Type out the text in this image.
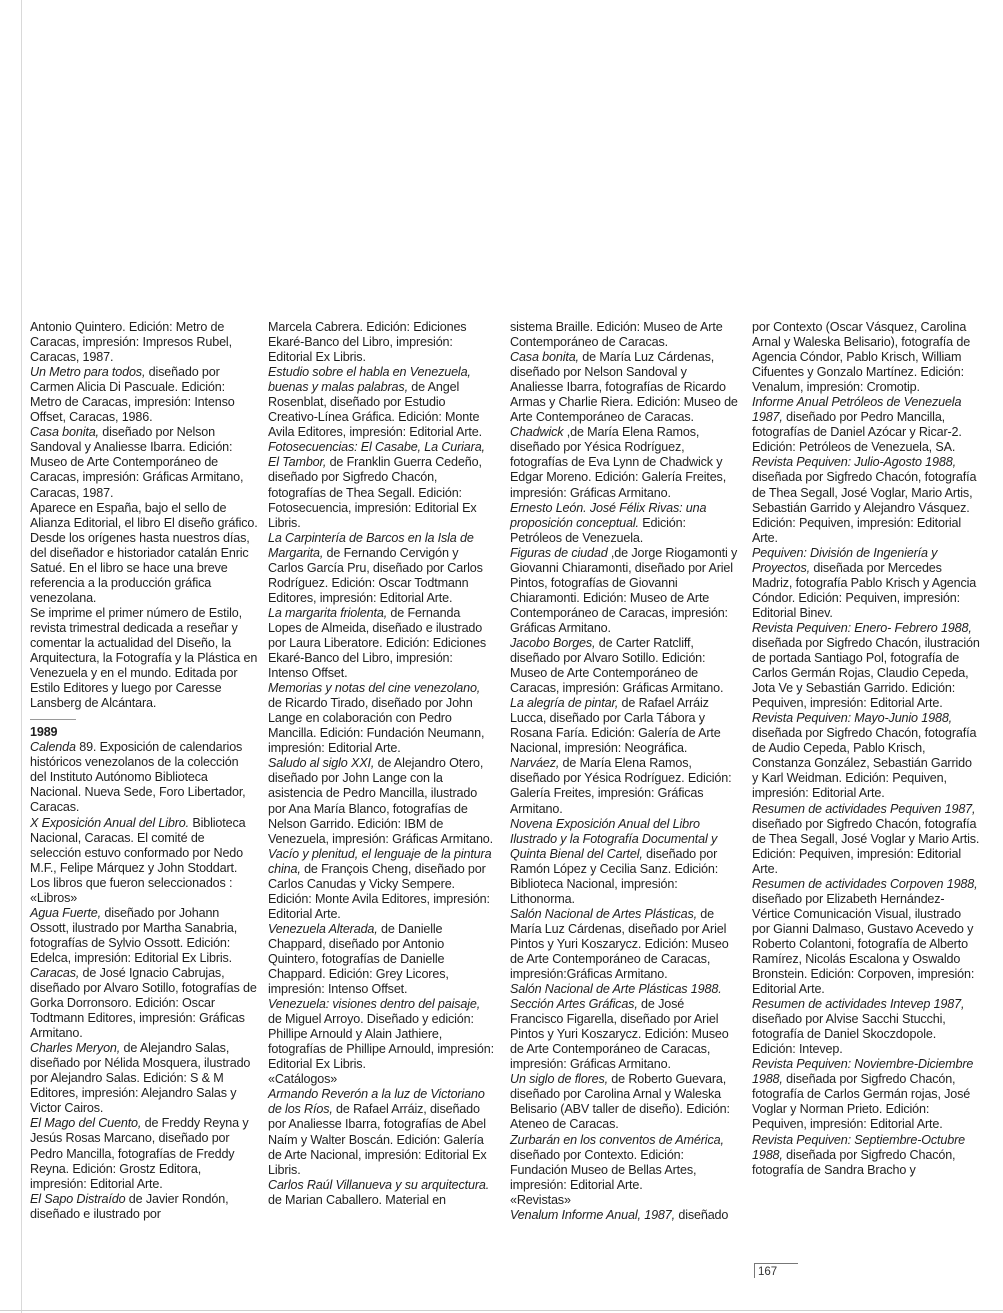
Antonio Quintero. Edición: Metro de Caracas, impresión: Impresos Rubel, Caracas, 1987.

Un Metro para todos, diseñado por Carmen Alicia Di Pascuale. Edición: Metro de Caracas, impresión: Intenso Offset, Caracas, 1986.

Casa bonita, diseñado por Nelson Sandoval y Analiesse Ibarra. Edición: Museo de Arte Contemporáneo de Caracas, impresión: Gráficas Armitano, Caracas, 1987.

Aparece en España, bajo el sello de Alianza Editorial, el libro El diseño gráfico. Desde los orígenes hasta nuestros días, del diseñador e historiador catalán Enric Satué. En el libro se hace una breve referencia a la producción gráfica venezolana.

Se imprime el primer número de Estilo, revista trimestral dedicada a reseñar y comentar la actualidad del Diseño, la Arquitectura, la Fotografía y la Plástica en Venezuela y en el mundo. Editada por Estilo Editores y luego por Caresse Lansberg de Alcántara.

1989

Calenda 89. Exposición de calendarios históricos venezolanos de la colección del Instituto Autónomo Biblioteca Nacional. Nueva Sede, Foro Libertador, Caracas.

X Exposición Anual del Libro. Biblioteca Nacional, Caracas. El comité de selección estuvo conformado por Nedo M.F., Felipe Márquez y John Stoddart. Los libros que fueron seleccionados :

«Libros»

Agua Fuerte, diseñado por Johann Ossott, ilustrado por Martha Sanabria, fotografías de Sylvio Ossott. Edición: Edelca, impresión: Editorial Ex Libris.

Caracas, de José Ignacio Cabrujas, diseñado por Alvaro Sotillo, fotografías de Gorka Dorronsoro. Edición: Oscar Todtmann Editores, impresión: Gráficas Armitano.

Charles Meryon, de Alejandro Salas, diseñado por Nélida Mosquera, ilustrado por Alejandro Salas. Edición: S & M Editores, impresión: Alejandro Salas y Victor Cairos.

El Mago del Cuento, de Freddy Reyna y Jesús Rosas Marcano, diseñado por Pedro Mancilla, fotografías de Freddy Reyna. Edición: Grostz Editora, impresión: Editorial Arte.

El Sapo Distraído de Javier Rondón, diseñado e ilustrado por

Marcela Cabrera. Edición: Ediciones Ekaré-Banco del Libro, impresión: Editorial Ex Libris.

Estudio sobre el habla en Venezuela, buenas y malas palabras, de Angel Rosenblat, diseñado por Estudio Creativo-Línea Gráfica. Edición: Monte Avila Editores, impresión: Editorial Arte.

Fotosecuencias: El Casabe, La Curiara, El Tambor, de Franklin Guerra Cedeño, diseñado por Sigfredo Chacón, fotografías de Thea Segall. Edición: Fotosecuencia, impresión: Editorial Ex Libris.

La Carpintería de Barcos en la Isla de Margarita, de Fernando Cervigón y Carlos García Pru, diseñado por Carlos Rodríguez. Edición: Oscar Todtmann Editores, impresión: Editorial Arte.

La margarita friolenta, de Fernanda Lopes de Almeida, diseñado e ilustrado por Laura Liberatore. Edición: Ediciones Ekaré-Banco del Libro, impresión: Intenso Offset.

Memorias y notas del cine venezolano, de Ricardo Tirado, diseñado por John Lange en colaboración con Pedro Mancilla. Edición: Fundación Neumann, impresión: Editorial Arte.

Saludo al siglo XXI, de Alejandro Otero, diseñado por John Lange con la asistencia de Pedro Mancilla, ilustrado por Ana María Blanco, fotografías de Nelson Garrido. Edición: IBM de Venezuela, impresión: Gráficas Armitano.

Vacío y plenitud, el lenguaje de la pintura china, de François Cheng, diseñado por Carlos Canudas y Vicky Sempere. Edición: Monte Avila Editores, impresión: Editorial Arte.

Venezuela Alterada, de Danielle Chappard, diseñado por Antonio Quintero, fotografías de Danielle Chappard. Edición: Grey Licores, impresión: Intenso Offset.

Venezuela: visiones dentro del paisaje, de Miguel Arroyo. Diseñado y edición: Phillipe Arnould y Alain Jathiere, fotografías de Phillipe Arnould, impresión: Editorial Ex Libris.

«Catálogos»

Armando Reverón a la luz de Victoriano de los Ríos, de Rafael Arráiz, diseñado por Analiesse Ibarra, fotografías de Abel Naím y Walter Boscán. Edición: Galería de Arte Nacional, impresión: Editorial Ex Libris.

Carlos Raúl Villanueva y su arquitectura. de Marian Caballero. Material en

sistema Braille. Edición: Museo de Arte Contemporáneo de Caracas.

Casa bonita, de María Luz Cárdenas, diseñado por Nelson Sandoval y Analiesse Ibarra, fotografías de Ricardo Armas y Charlie Riera. Edición: Museo de Arte Contemporáneo de Caracas.

Chadwick ,de María Elena Ramos, diseñado por Yésica Rodríguez, fotografías de Eva Lynn de Chadwick y Edgar Moreno. Edición: Galería Freites, impresión: Gráficas Armitano.

Ernesto León. José Félix Rivas: una proposición conceptual. Edición: Petróleos de Venezuela.

Figuras de ciudad ,de Jorge Riogamonti y Giovanni Chiaramonti, diseñado por Ariel Pintos, fotografías de Giovanni Chiaramonti. Edición: Museo de Arte Contemporáneo de Caracas, impresión: Gráficas Armitano.

Jacobo Borges, de Carter Ratcliff, diseñado por Alvaro Sotillo. Edición: Museo de Arte Contemporáneo de Caracas, impresión: Gráficas Armitano.

La alegría de pintar, de Rafael Arráiz Lucca, diseñado por Carla Tábora y Rosana Faría. Edición: Galería de Arte Nacional, impresión: Neográfica.

Narváez, de María Elena Ramos, diseñado por Yésica Rodríguez. Edición: Galería Freites, impresión: Gráficas Armitano.

Novena Exposición Anual del Libro Ilustrado y la Fotografía Documental y Quinta Bienal del Cartel, diseñado por Ramón López y Cecilia Sanz. Edición: Biblioteca Nacional, impresión: Lithonorma.

Salón Nacional de Artes Plásticas, de María Luz Cárdenas, diseñado por Ariel Pintos y Yuri Koszarycz. Edición: Museo de Arte Contemporáneo de Caracas, impresión:Gráficas Armitano.

Salón Nacional de Arte Plásticas 1988. Sección Artes Gráficas, de José Francisco Figarella, diseñado por Ariel Pintos y Yuri Koszarycz. Edición: Museo de Arte Contemporáneo de Caracas, impresión: Gráficas Armitano.

Un siglo de flores, de Roberto Guevara, diseñado por Carolina Arnal y Waleska Belisario (ABV taller de diseño). Edición: Ateneo de Caracas.

Zurbarán en los conventos de América, diseñado por Contexto. Edición: Fundación Museo de Bellas Artes, impresión: Editorial Arte.

«Revistas»

Venalum Informe Anual, 1987, diseñado

por Contexto (Oscar Vásquez, Carolina Arnal y Waleska Belisario), fotografía de Agencia Cóndor, Pablo Krisch, William Cifuentes y Gonzalo Martínez. Edición: Venalum, impresión: Cromotip.

Informe Anual Petróleos de Venezuela 1987, diseñado por Pedro Mancilla, fotografías de Daniel Azócar y Ricar-2. Edición: Petróleos de Venezuela, SA.

Revista Pequiven: Julio-Agosto 1988, diseñada por Sigfredo Chacón, fotografía de Thea Segall, José Voglar, Mario Artis, Sebastián Garrido y Alejandro Vásquez. Edición: Pequiven, impresión: Editorial Arte.

Pequiven: División de Ingeniería y Proyectos, diseñada por Mercedes Madriz, fotografía Pablo Krisch y Agencia Cóndor. Edición: Pequiven, impresión: Editorial Binev.

Revista Pequiven: Enero- Febrero 1988, diseñada por Sigfredo Chacón, ilustración de portada Santiago Pol, fotografía de Carlos Germán Rojas, Claudio Cepeda, Jota Ve y Sebastián Garrido. Edición: Pequiven, impresión: Editorial Arte.

Revista Pequiven: Mayo-Junio 1988, diseñada por Sigfredo Chacón, fotografía de Audio Cepeda, Pablo Krisch, Constanza González, Sebastián Garrido y Karl Weidman. Edición: Pequiven, impresión: Editorial Arte.

Resumen de actividades Pequiven 1987, diseñado por Sigfredo Chacón, fotografía de Thea Segall, José Voglar y Mario Artis. Edición: Pequiven, impresión: Editorial Arte.

Resumen de actividades Corpoven 1988, diseñado por Elizabeth Hernández-Vértice Comunicación Visual, ilustrado por Gianni Dalmaso, Gustavo Acevedo y Roberto Colantoni, fotografía de Alberto Ramírez, Nicolás Escalona y Oswaldo Bronstein. Edición: Corpoven, impresión: Editorial Arte.

Resumen de actividades Intevep 1987, diseñado por Alvise Sacchi Stucchi, fotografía de Daniel Skoczdopole. Edición: Intevep.

Revista Pequiven: Noviembre-Diciembre 1988, diseñada por Sigfredo Chacón, fotografía de Carlos Germán rojas, José Voglar y Norman Prieto. Edición: Pequiven, impresión: Editorial Arte.

Revista Pequiven: Septiembre-Octubre 1988, diseñada por Sigfredo Chacón, fotografía de Sandra Bracho y

167
